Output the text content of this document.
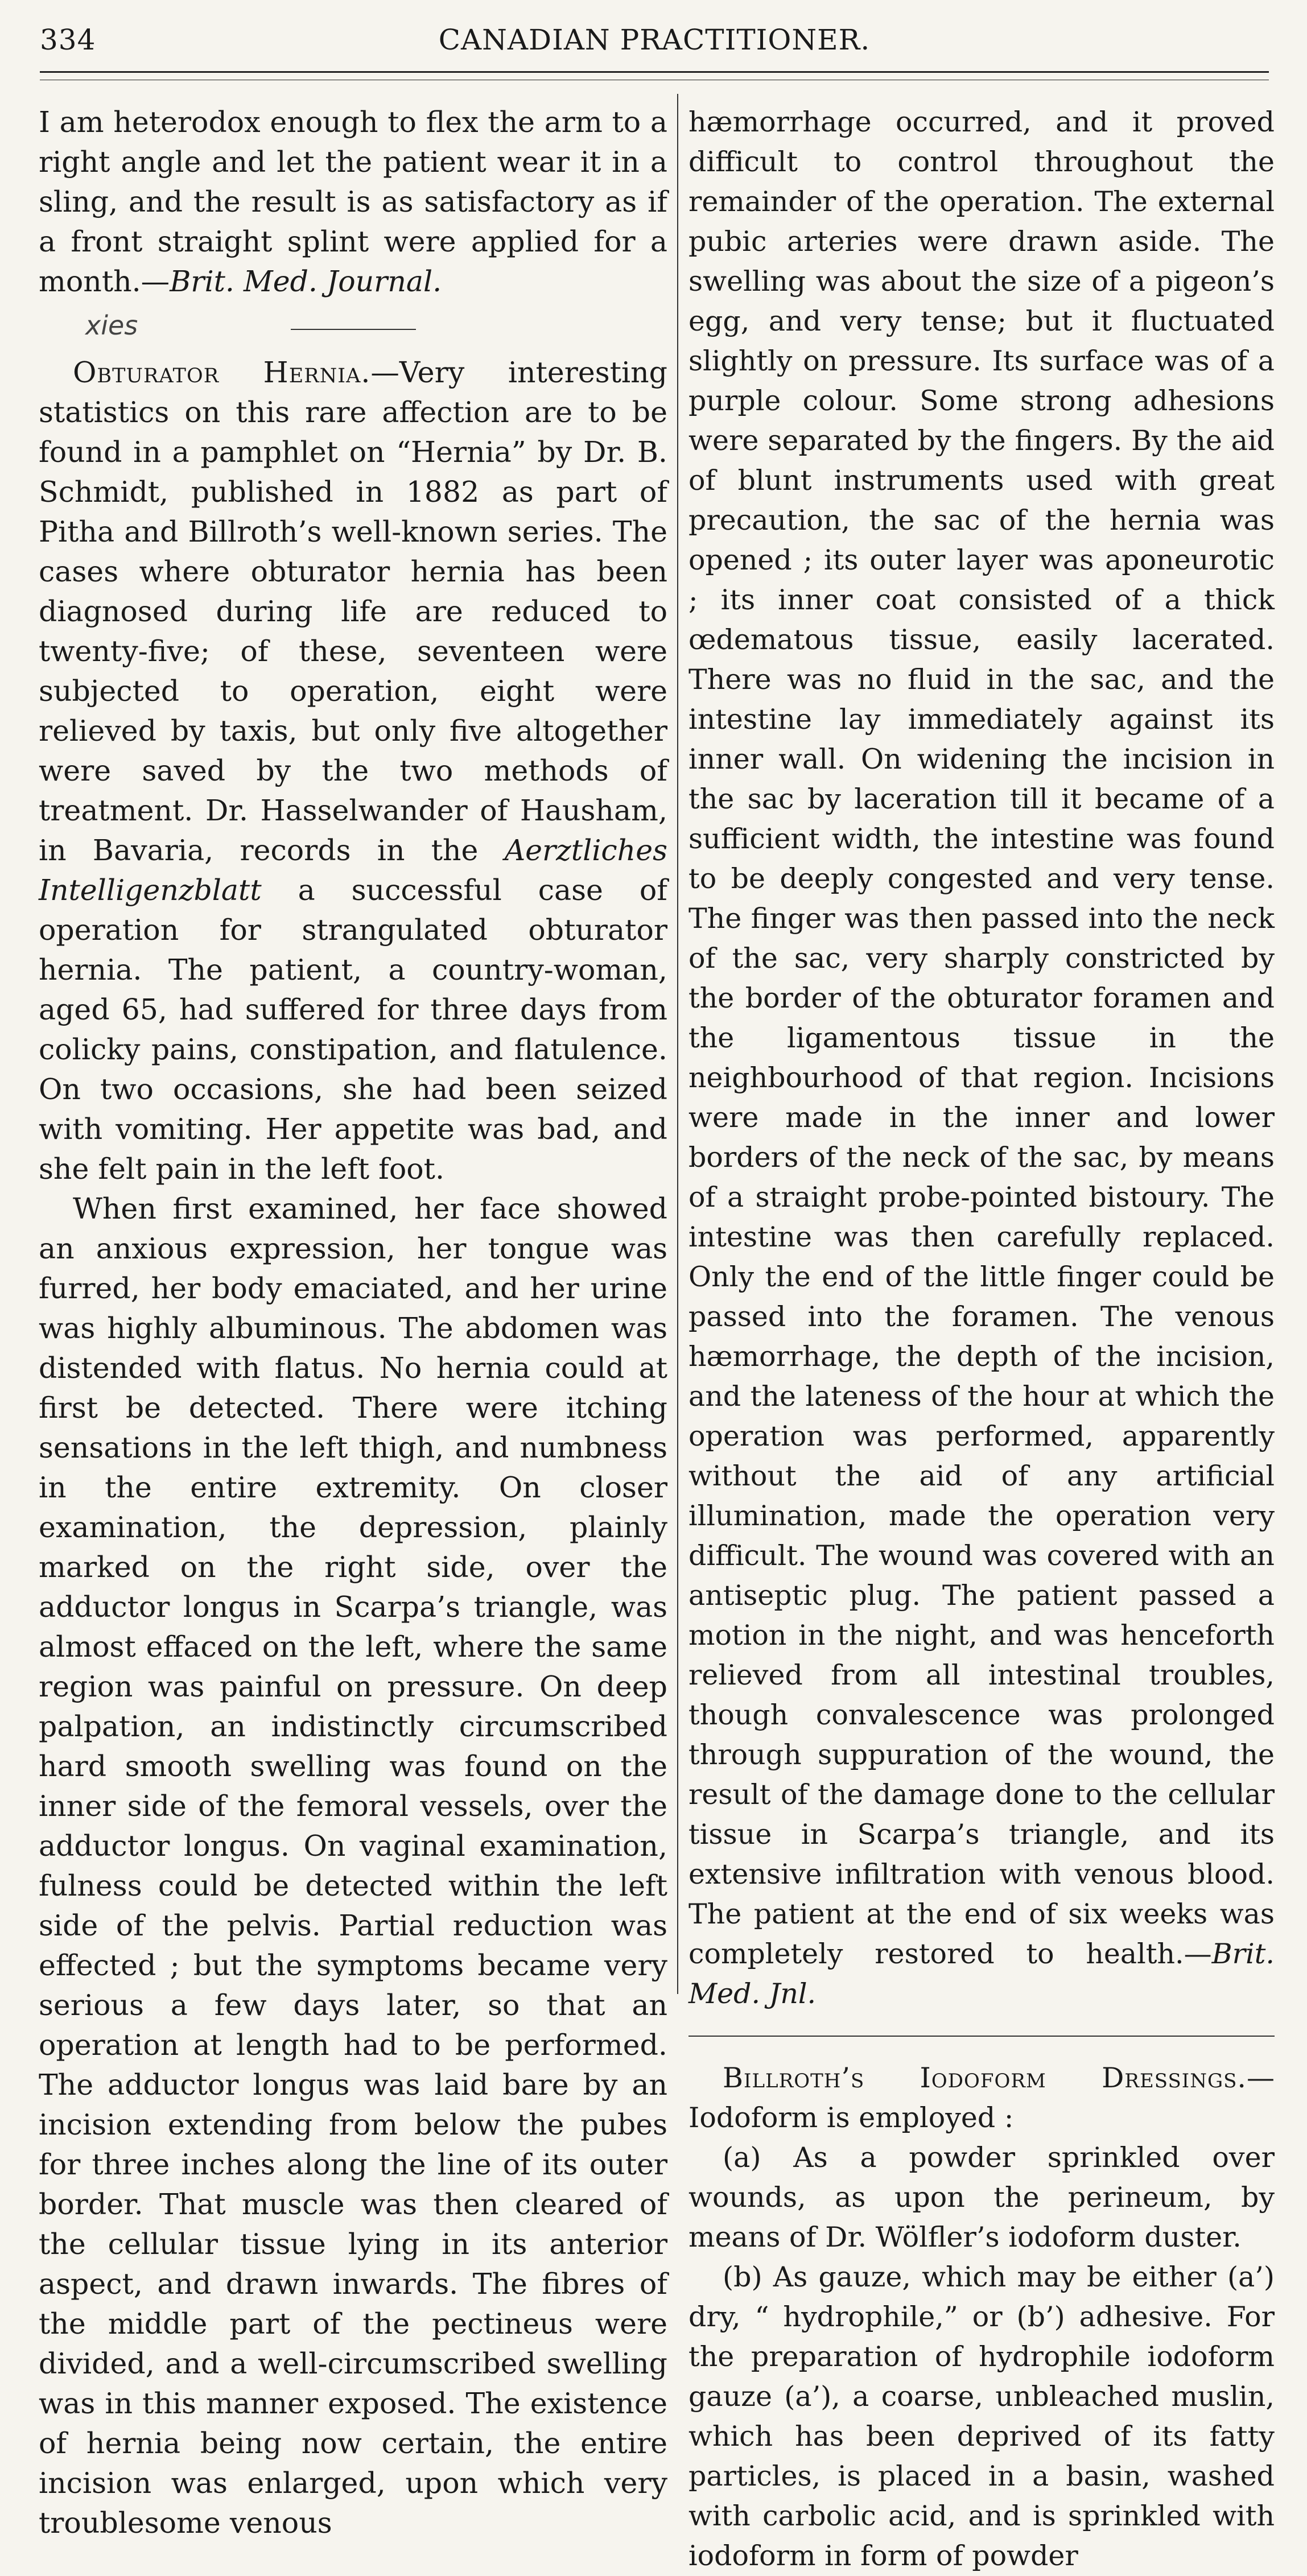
334	CANADIAN PRACTITIONER.

I am heterodox enough to flex the arm to a right angle and let the patient wear it in a sling, and the result is as satisfactory as if a front straight splint were applied for a month.—Brit. Med. Journal.

Obturator Hernia.—Very interesting statistics on this rare affection are to be found in a pamphlet on “Hernia” by Dr. B. Schmidt, published in 1882 as part of Pitha and Billroth’s well-known series. The cases where obturator hernia has been diagnosed during life are reduced to twenty-five; of these, seventeen were subjected to operation, eight were relieved by taxis, but only five altogether were saved by the two methods of treatment. Dr. Hasselwander of Hausham, in Bavaria, records in the Aerztliches Intelligenzblatt a successful case of operation for strangulated obturator hernia. The patient, a country-woman, aged 65, had suffered for three days from colicky pains, constipation, and flatulence. On two occasions, she had been seized with vomiting. Her appetite was bad, and she felt pain in the left foot.

When first examined, her face showed an anxious expression, her tongue was furred, her body emaciated, and her urine was highly albuminous. The abdomen was distended with flatus. No hernia could at first be detected. There were itching sensations in the left thigh, and numbness in the entire extremity. On closer examination, the depression, plainly marked on the right side, over the adductor longus in Scarpa’s triangle, was almost effaced on the left, where the same region was painful on pressure. On deep palpation, an indistinctly circumscribed hard smooth swelling was found on the inner side of the femoral vessels, over the adductor longus. On vaginal examination, fulness could be detected within the left side of the pelvis. Partial reduction was effected ; but the symptoms became very serious a few days later, so that an operation at length had to be performed. The adductor longus was laid bare by an incision extending from below the pubes for three inches along the line of its outer border. That muscle was then cleared of the cellular tissue lying in its anterior aspect, and drawn inwards. The fibres of the middle part of the pectineus were divided, and a well-circumscribed swelling was in this manner exposed. The existence of hernia being now certain, the entire incision was enlarged, upon which very troublesome venous

hæmorrhage occurred, and it proved difficult to control throughout the remainder of the operation. The external pubic arteries were drawn aside. The swelling was about the size of a pigeon’s egg, and very tense; but it fluctuated slightly on pressure. Its surface was of a purple colour. Some strong adhesions were separated by the fingers. By the aid of blunt instruments used with great precaution, the sac of the hernia was opened ; its outer layer was aponeurotic ; its inner coat consisted of a thick œdematous tissue, easily lacerated. There was no fluid in the sac, and the intestine lay immediately against its inner wall. On widening the incision in the sac by laceration till it became of a sufficient width, the intestine was found to be deeply congested and very tense. The finger was then passed into the neck of the sac, very sharply constricted by the border of the obturator foramen and the ligamentous tissue in the neighbourhood of that region. Incisions were made in the inner and lower borders of the neck of the sac, by means of a straight probe-pointed bistoury. The intestine was then carefully replaced. Only the end of the little finger could be passed into the foramen. The venous hæmorrhage, the depth of the incision, and the lateness of the hour at which the operation was performed, apparently without the aid of any artificial illumination, made the operation very difficult. The wound was covered with an antiseptic plug. The patient passed a motion in the night, and was henceforth relieved from all intestinal troubles, though convalescence was prolonged through suppuration of the wound, the result of the damage done to the cellular tissue in Scarpa’s triangle, and its extensive infiltration with venous blood. The patient at the end of six weeks was completely restored to health.—Brit. Med. Jnl.

Billroth’s Iodoform Dressings.—Iodoform is employed :

(a) As a powder sprinkled over wounds, as upon the perineum, by means of Dr. Wölfler’s iodoform duster.

(b) As gauze, which may be either (a’) dry, “ hydrophile,” or (b’) adhesive. For the preparation of hydrophile iodoform gauze (a’), a coarse, unbleached muslin, which has been deprived of its fatty particles, is placed in a basin, washed with carbolic acid, and is sprinkled with iodoform in form of powder

xies
